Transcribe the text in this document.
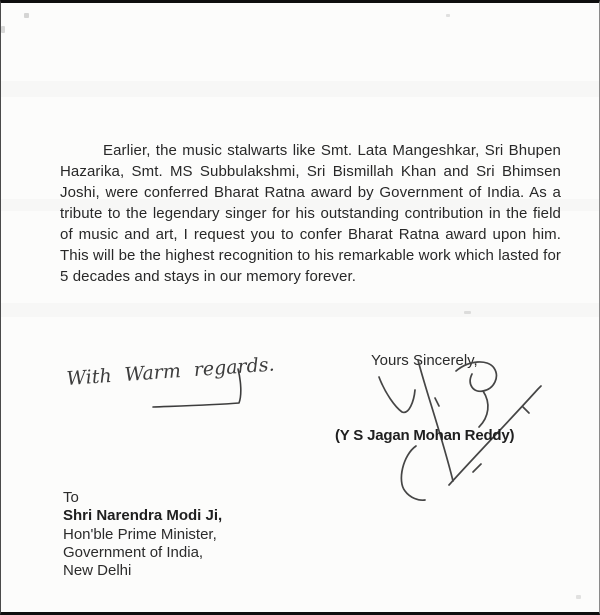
Earlier, the music stalwarts like Smt. Lata Mangeshkar, Sri Bhupen Hazarika, Smt. MS Subbulakshmi, Sri Bismillah Khan and Sri Bhimsen Joshi, were conferred Bharat Ratna award by Government of India. As a tribute to the legendary singer for his outstanding contribution in the field of music and art, I request you to confer Bharat Ratna award upon him. This will be the highest recognition to his remarkable work which lasted for 5 decades and stays in our memory forever.

With Warm regards.	Yours Sincerely,
(Y S Jagan Mohan Reddy)
To
Shri Narendra Modi Ji,
Hon'ble Prime Minister,
Government of India,
New Delhi
